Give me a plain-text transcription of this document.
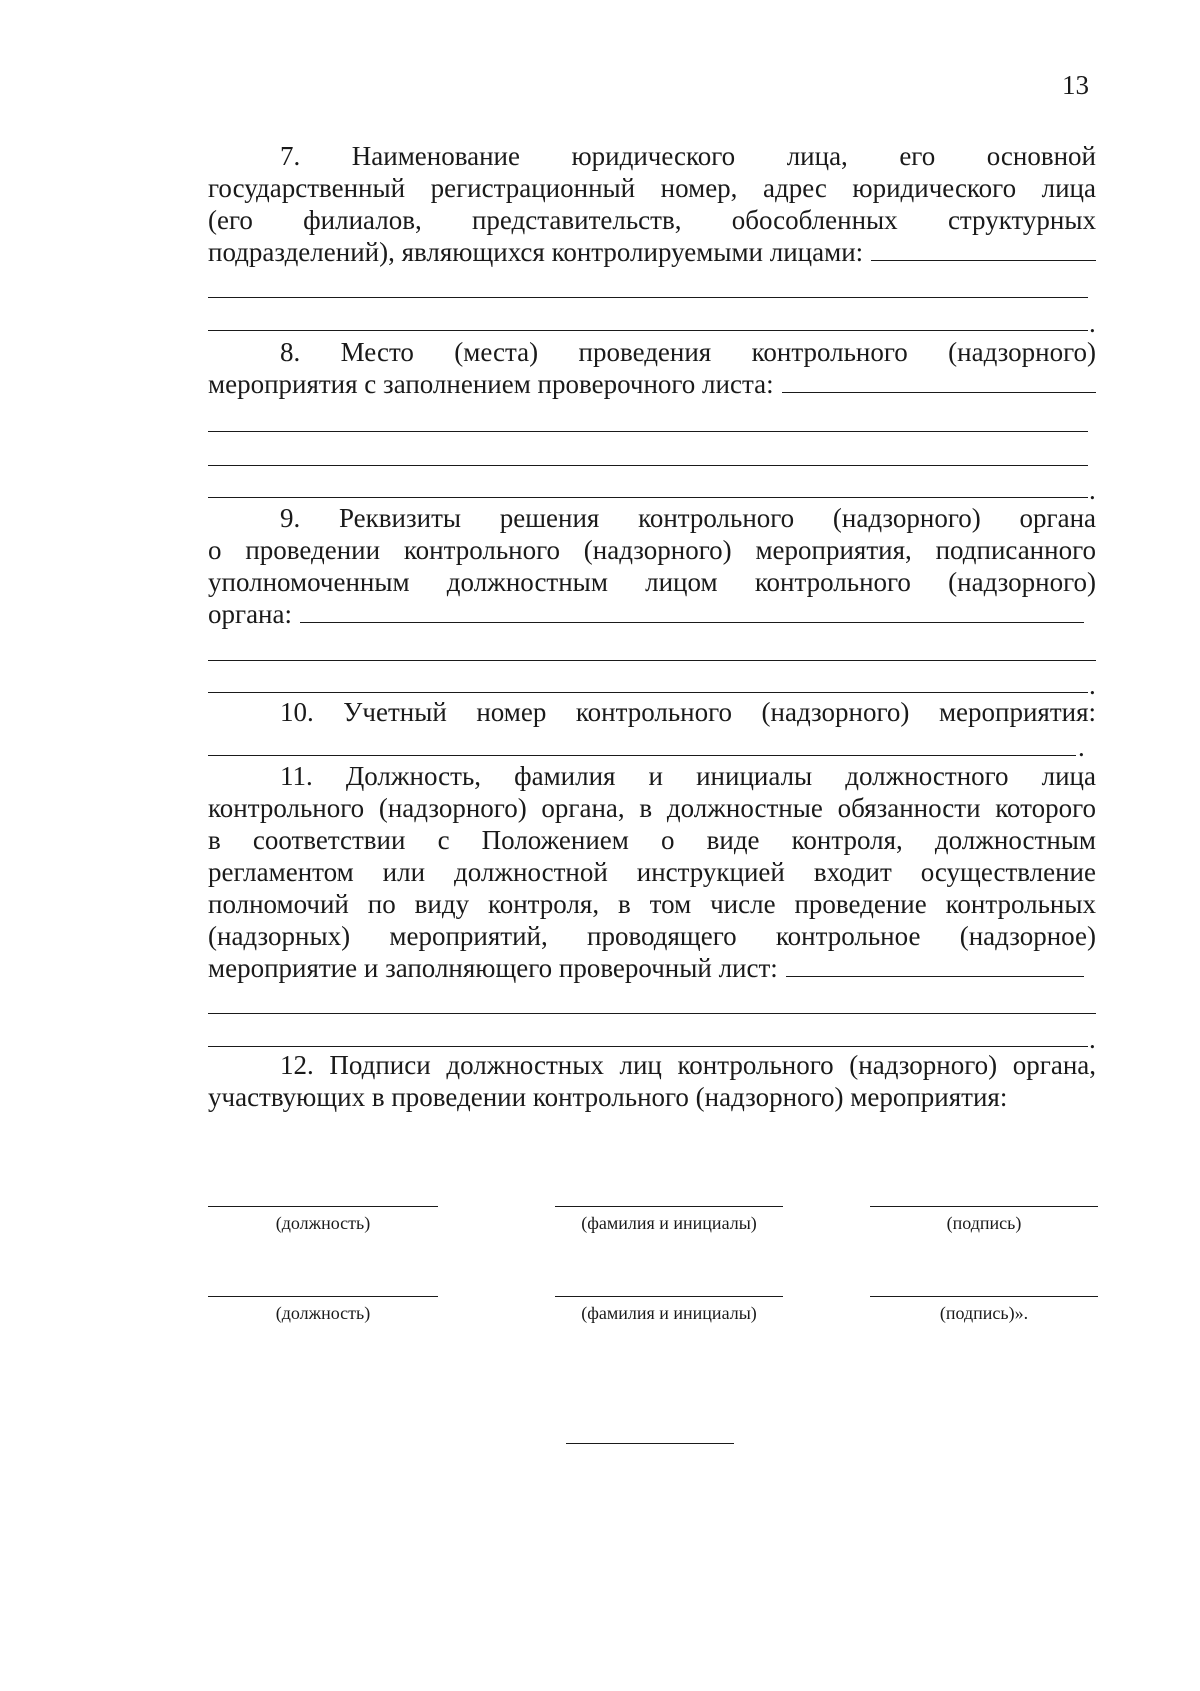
13
7. Наименование юридического лица, его основной
государственный регистрационный номер, адрес юридического лица
(его филиалов, представительств, обособленных структурных
подразделений), являющихся контролируемыми лицами:
.
8. Место (места) проведения контрольного (надзорного)
мероприятия с заполнением проверочного листа:
.
9. Реквизиты решения контрольного (надзорного) органа
о проведении контрольного (надзорного) мероприятия, подписанного
уполномоченным должностным лицом контрольного (надзорного)
органа:
.
10. Учетный номер контрольного (надзорного) мероприятия:
.
11. Должность, фамилия и инициалы должностного лица
контрольного (надзорного) органа, в должностные обязанности которого
в соответствии с Положением о виде контроля, должностным
регламентом или должностной инструкцией входит осуществление
полномочий по виду контроля, в том числе проведение контрольных
(надзорных) мероприятий, проводящего контрольное (надзорное)
мероприятие и заполняющего проверочный лист:
.
12. Подписи должностных лиц контрольного (надзорного) органа,
участвующих в проведении контрольного (надзорного) мероприятия:
(должность)	(фамилия и инициалы)	(подпись)
(должность)	(фамилия и инициалы)	(подпись)».
